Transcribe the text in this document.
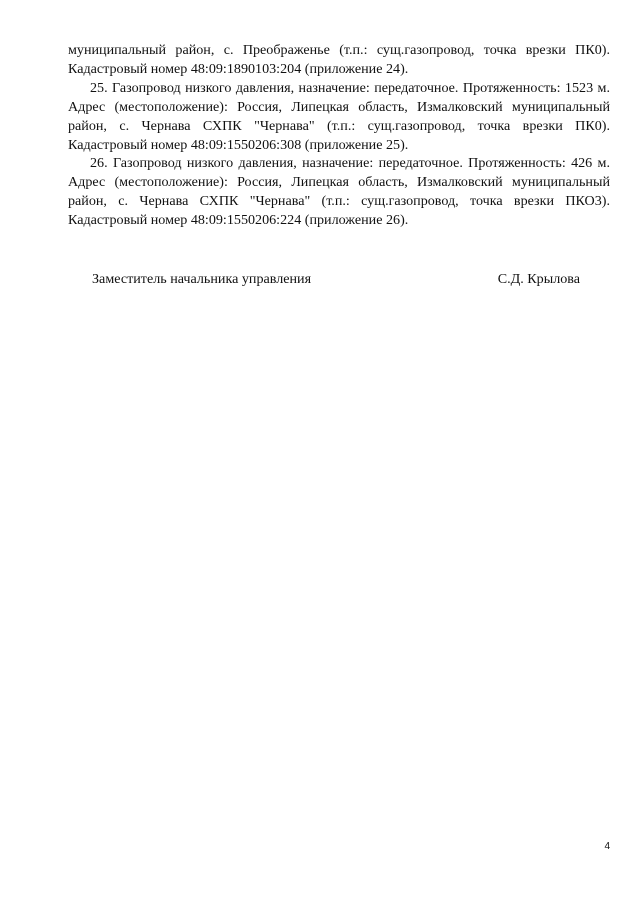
муниципальный район, с. Преображенье (т.п.: сущ.газопровод, точка врезки ПК0). Кадастровый номер 48:09:1890103:204 (приложение 24).

25. Газопровод низкого давления, назначение: передаточное. Протяженность: 1523 м. Адрес (местоположение): Россия, Липецкая область, Измалковский муниципальный район, с. Чернава СХПК "Чернава" (т.п.: сущ.газопровод, точка врезки ПК0). Кадастровый номер 48:09:1550206:308 (приложение 25).

26. Газопровод низкого давления, назначение: передаточное. Протяженность: 426 м. Адрес (местоположение): Россия, Липецкая область, Измалковский муниципальный район, с. Чернава СХПК "Чернава" (т.п.: сущ.газопровод, точка врезки ПКО3). Кадастровый номер 48:09:1550206:224 (приложение 26).

Заместитель начальника управления	С.Д. Крылова
4
